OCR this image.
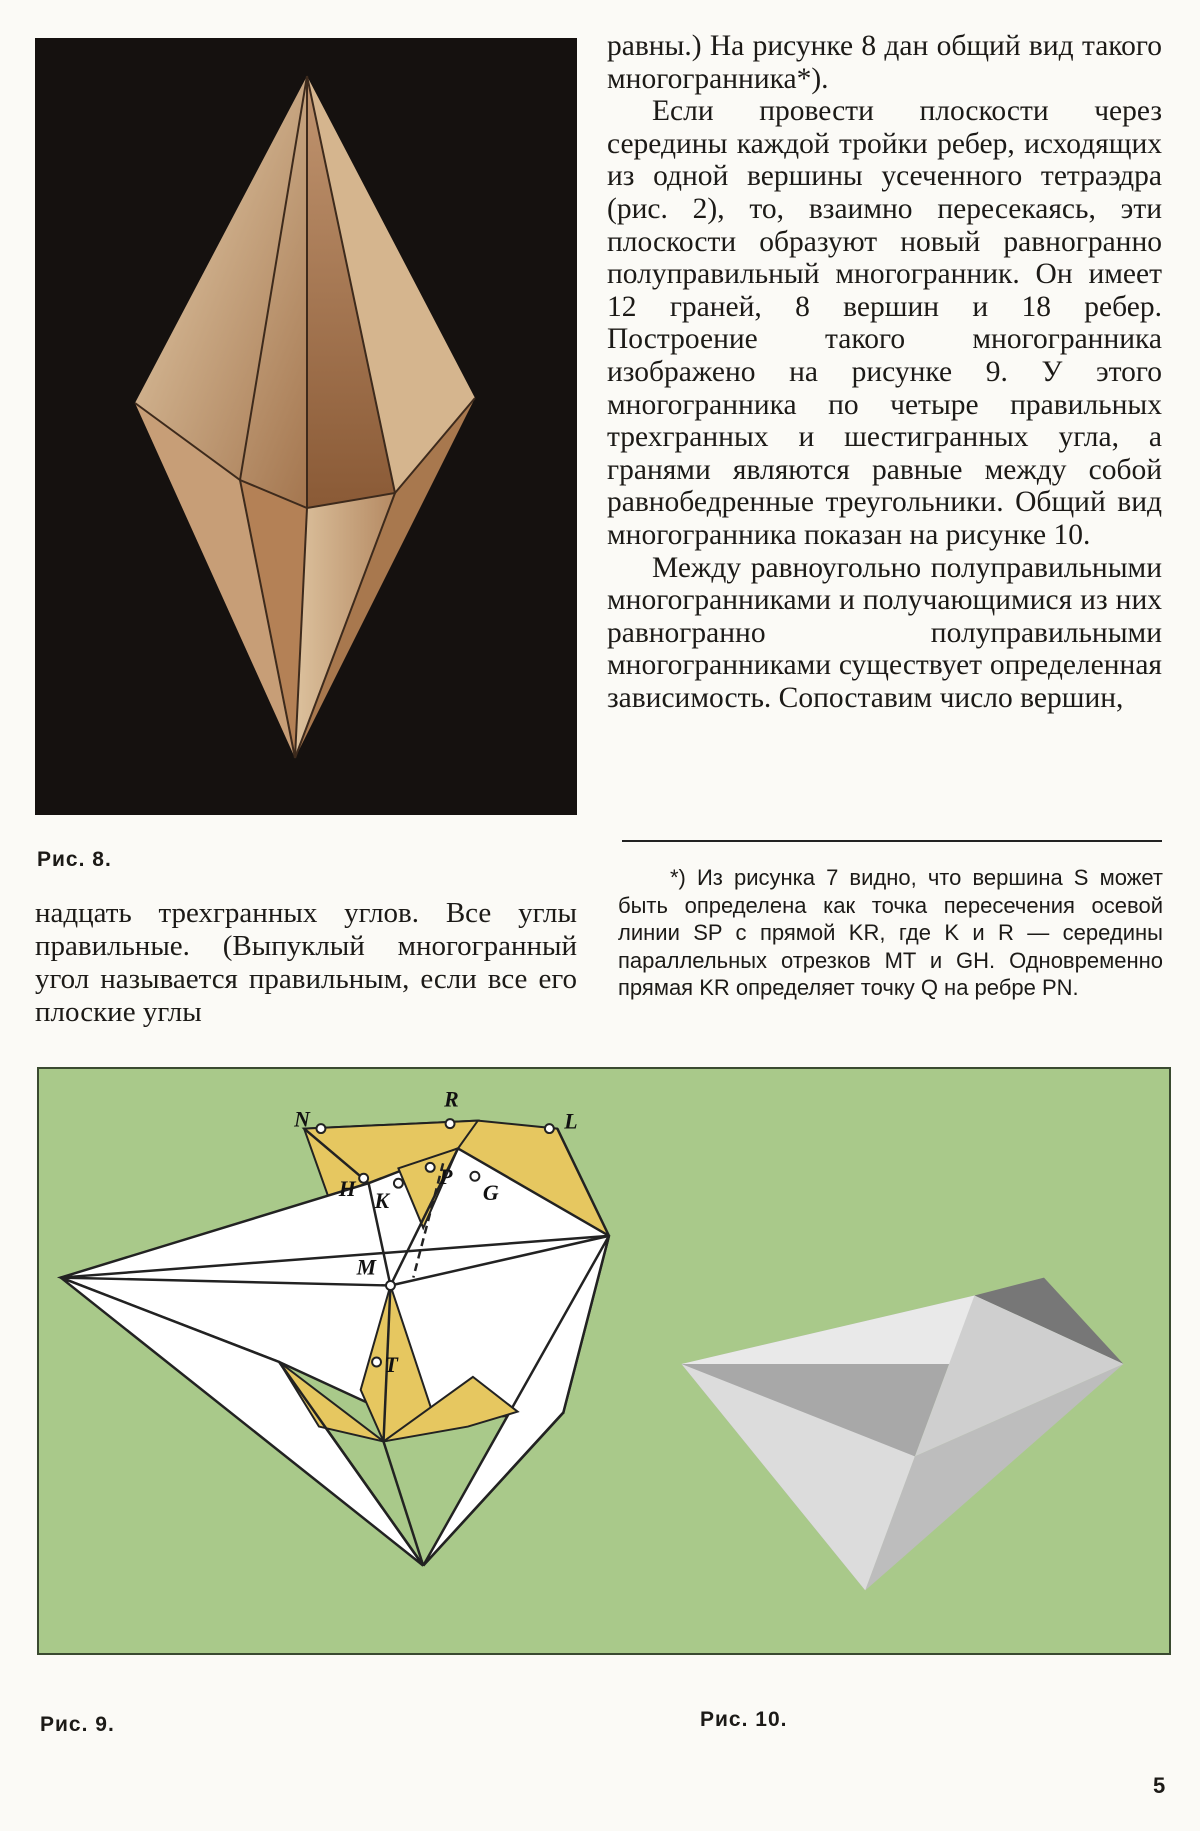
Рис. 8.

равны.) На рисунке 8 дан общий вид такого многогранника*).

Если провести плоскости через середины каждой тройки ребер, исходящих из одной вершины усеченного тетраэдра (рис. 2), то, взаимно пересекаясь, эти плоскости образуют новый равногранно полуправильный многогранник. Он имеет 12 граней, 8 вершин и 18 ребер. Построение такого многогранника изображено на рисунке 9. У этого многогранника по четыре правильных трехгранных и шестигранных угла, а гранями являются равные между собой равнобедренные треугольники. Общий вид многогранника показан на рисунке 10.

Между равноугольно полуправильными многогранниками и получающимися из них равногранно полуправильными многогранниками существует определенная зависимость. Сопоставим число вершин,

*) Из рисунка 7 видно, что вершина S может быть определена как точка пересечения осевой линии SP с прямой KR, где K и R — середины параллельных отрезков MT и GH. Одновременно прямая KR определяет точку Q на ребре PN.

надцать трехгранных углов. Все углы правильные. (Выпуклый многогранный угол называется правильным, если все его плоские углы

N
R
L
H	P
G
K
M
T
Рис. 9.	Рис. 10.
5
